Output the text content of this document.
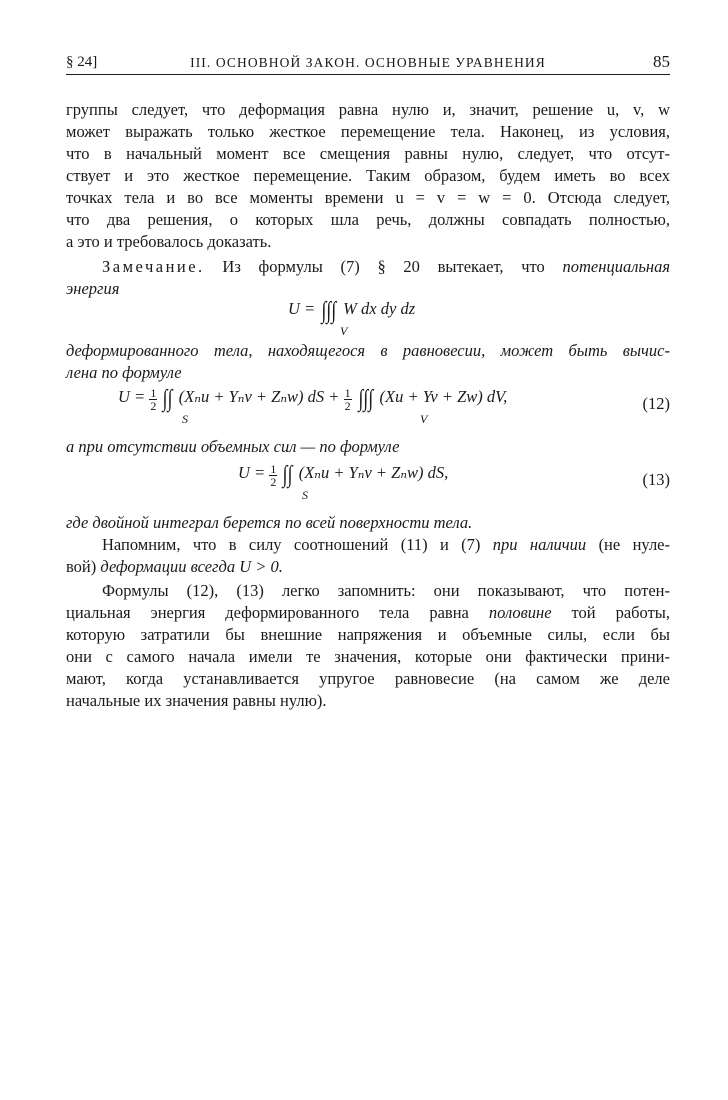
§ 24]	III. ОСНОВНОЙ ЗАКОН. ОСНОВНЫЕ УРАВНЕНИЯ	85
группы следует, что деформация равна нулю и, значит, решение u, v, w
может выражать только жесткое перемещение тела. Наконец, из условия,
что в начальный момент все смещения равны нулю, следует, что отсут-
ствует и это жесткое перемещение. Таким образом, будем иметь во всех
точках тела и во все моменты времени u = v = w = 0. Отсюда следует,
что два решения, о которых шла речь, должны совпадать полностью,
а это и требовалось доказать.
Замечание. Из формулы (7) § 20 вытекает, что потенциальная
энергия
U = ∫∫∫ W dx dy dz
V
деформированного тела, находящегося в равновесии, может быть вычис-
лена по формуле
$U = \frac{1}{2}$ ∫∫ (Xₙu + Yₙv + Zₙw) dS + $\frac{1}{2}$ ∫∫∫ (Xu + Yv + Zw) dV,
S	V
(12)
а при отсутствии объемных сил — по формуле
$U = \frac{1}{2}$ ∫∫ (Xₙu + Yₙv + Zₙw) dS,
S
(13)
где двойной интеграл берется по всей поверхности тела.
Напомним, что в силу соотношений (11) и (7) при наличии (не нуле-
вой) деформации всегда U > 0.
Формулы (12), (13) легко запомнить: они показывают, что потен-
циальная энергия деформированного тела равна половине той работы,
которую затратили бы внешние напряжения и объемные силы, если бы
они с самого начала имели те значения, которые они фактически прини-
мают, когда устанавливается упругое равновесие (на самом же деле
начальные их значения равны нулю).
